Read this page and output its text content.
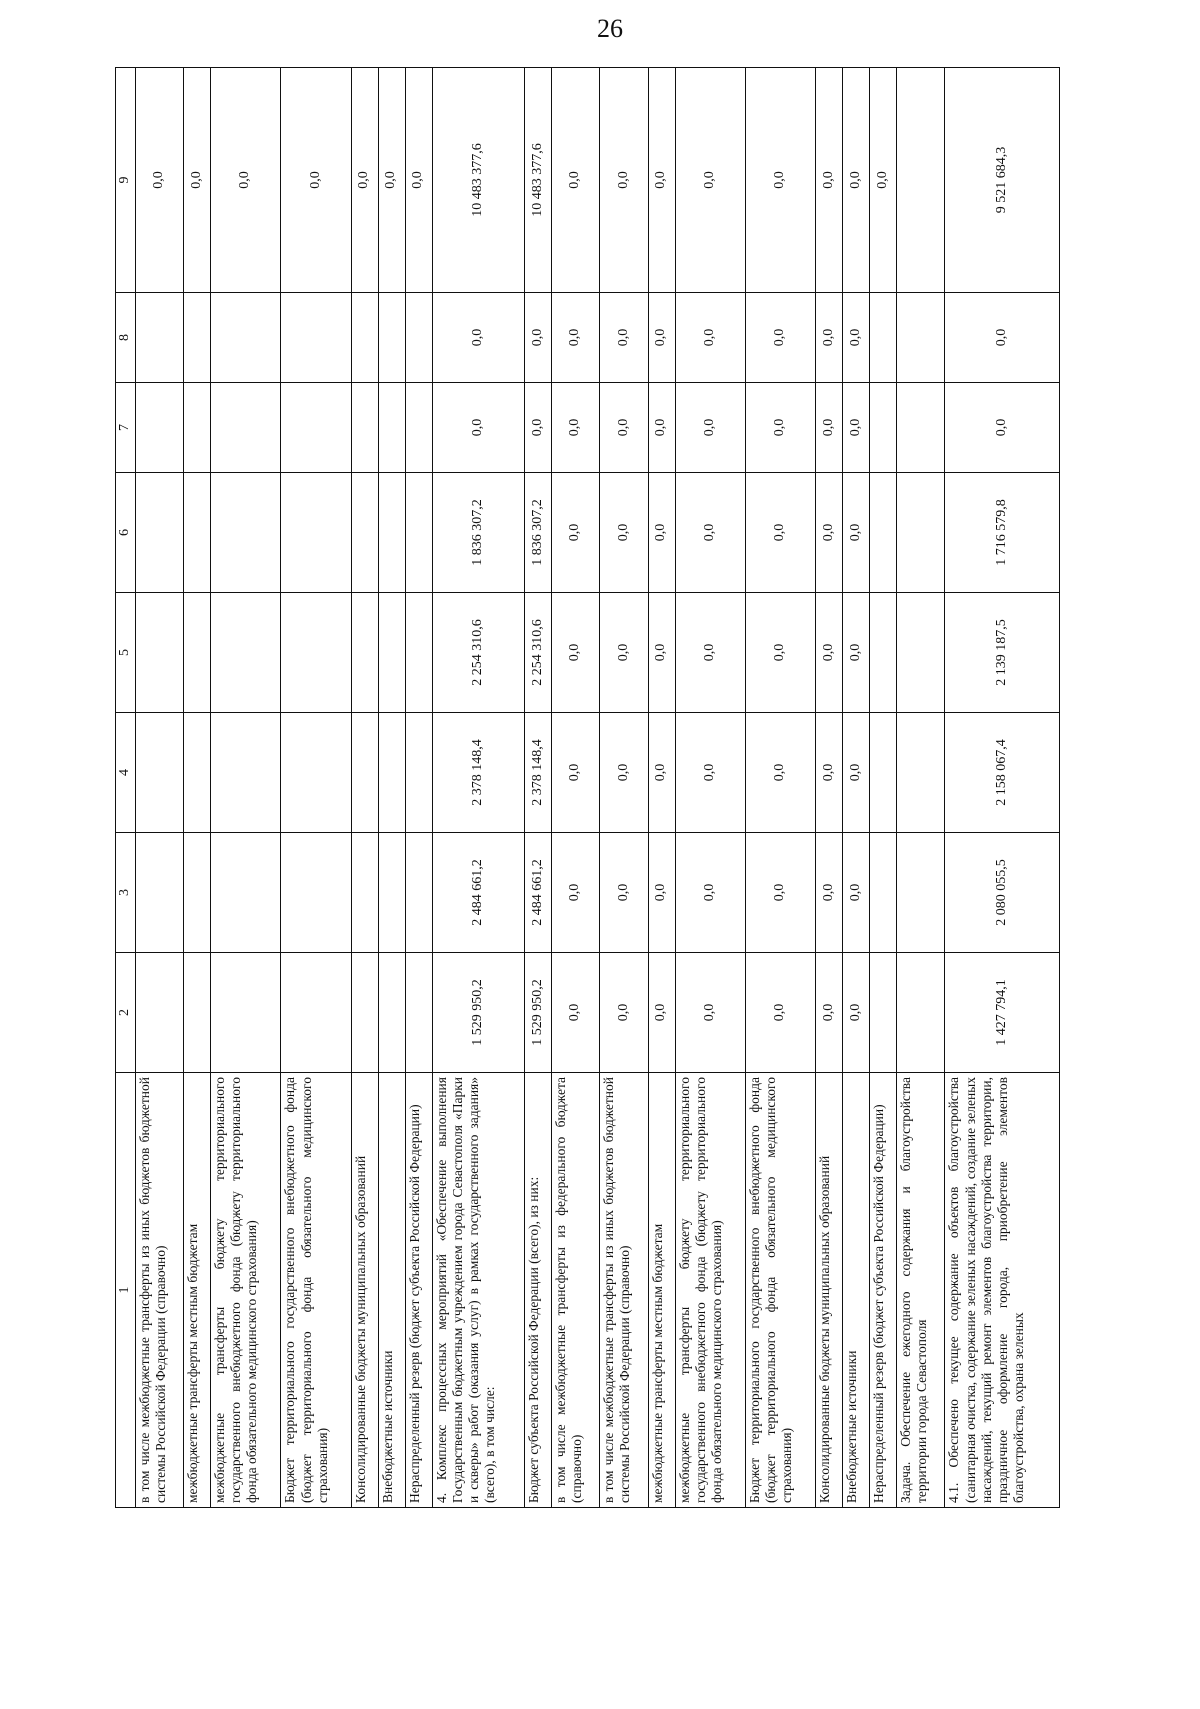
26
1	2	3	4	5	6	7	8	9
в том числе межбюджетные трансферты из иных бюджетов бюджетной системы Российской Федерации (справочно)								0,0
межбюджетные трансферты местным бюджетам								0,0
межбюджетные трансферты бюджету территориального государственного внебюджетного фонда (бюджету территориального фонда обязательного медицинского страхования)								0,0
Бюджет территориального государственного внебюджетного фонда (бюджет территориального фонда обязательного медицинского страхования)								0,0
Консолидированные бюджеты муниципальных образований								0,0
Внебюджетные источники								0,0
Нераспределенный резерв (бюджет субъекта Российской Федерации)								0,0
4. Комплекс процессных мероприятий «Обеспечение выполнения Государственным бюджетным учреждением города Севастополя «Парки и скверы» работ (оказания услуг) в рамках государственного задания» (всего), в том числе:	1 529 950,2	2 484 661,2	2 378 148,4	2 254 310,6	1 836 307,2	0,0	0,0	10 483 377,6
Бюджет субъекта Российской Федерации (всего), из них:	1 529 950,2	2 484 661,2	2 378 148,4	2 254 310,6	1 836 307,2	0,0	0,0	10 483 377,6
в том числе межбюджетные трансферты из федерального бюджета (справочно)	0,0	0,0	0,0	0,0	0,0	0,0	0,0	0,0
в том числе межбюджетные трансферты из иных бюджетов бюджетной системы Российской Федерации (справочно)	0,0	0,0	0,0	0,0	0,0	0,0	0,0	0,0
межбюджетные трансферты местным бюджетам	0,0	0,0	0,0	0,0	0,0	0,0	0,0	0,0
межбюджетные трансферты бюджету территориального государственного внебюджетного фонда (бюджету территориального фонда обязательного медицинского страхования)	0,0	0,0	0,0	0,0	0,0	0,0	0,0	0,0
Бюджет территориального государственного внебюджетного фонда (бюджет территориального фонда обязательного медицинского страхования)	0,0	0,0	0,0	0,0	0,0	0,0	0,0	0,0
Консолидированные бюджеты муниципальных образований	0,0	0,0	0,0	0,0	0,0	0,0	0,0	0,0
Внебюджетные источники	0,0	0,0	0,0	0,0	0,0	0,0	0,0	0,0
Нераспределенный резерв (бюджет субъекта Российской Федерации)								0,0
Задача. Обеспечение ежегодного содержания и благоустройства территории города Севастополя								
4.1. Обеспечено текущее содержание объектов благоустройства (санитарная очистка, содержание зеленых насаждений, создание зеленых насаждений, текущий ремонт элементов благоустройства территории, праздничное оформление города, приобретение элементов благоустройства, охрана зеленых	1 427 794,1	2 080 055,5	2 158 067,4	2 139 187,5	1 716 579,8	0,0	0,0	9 521 684,3
